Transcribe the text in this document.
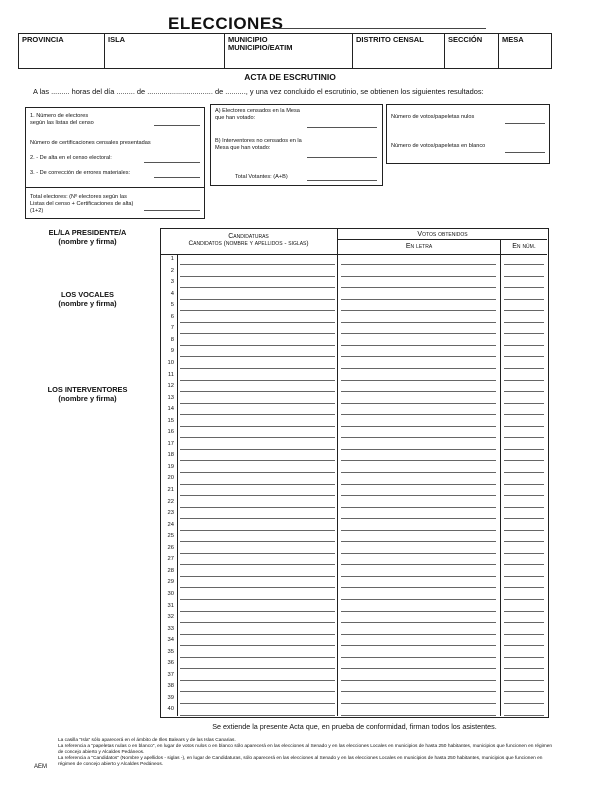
ELECCIONES
PROVINCIA	ISLA	MUNICIPIO
MUNICIPIO/EATIM
DISTRITO CENSAL	SECCIÓN	MESA
ACTA DE ESCRUTINIO
A las ......... horas del día ......... de ................................ de .........., y una vez concluido el escrutinio, se obtienen los siguientes resultados:
1. Número de electores
según las listas del censo
Número de certificaciones censales presentadas
2. - De alta en el censo electoral:
3. - De corrección de errores materiales:
Total electores: (Nº electores según las Listas del censo + Certificaciones de alta) (1+2)
A) Electores censados en la Mesa que han votado:
B) Interventores no censados en la Mesa que han votado:
Total Votantes: (A+B)
Número de votos/papeletas nulos
Número de votos/papeletas en blanco
EL/LA PRESIDENTE/A
(nombre y firma)
LOS VOCALES
(nombre y firma)
LOS INTERVENTORES
(nombre y firma)
Candidaturas
Candidatos (nombre y apellidos - siglas)
Votos obtenidos
En letra	En núm.
1
2
3
4
5
6
7
8
9
10
11
12
13
14
15
16
17
18
19
20
21
22
23
24
25
26
27
28
29
30
31
32
33
34
35
36
37
38
39
40
Se extiende la presente Acta que, en prueba de conformidad, firman todos los asistentes.
La casilla "Isla" sólo aparecerá en el ámbito de Illes Balears y de las Islas Canarias.
La referencia a "papeletas nulas o en blanco", en lugar de votos nulos o en blanco sólo aparecerá en las elecciones al Senado y en las elecciones Locales en municipios de hasta 250 habitantes, municipios que funcionen en régimen de concejo abierto y Alcaldes Pedáneos.
La referencia a "Candidatos" (Nombre y apellidos - siglas -), en lugar de Candidaturas, sólo aparecerá en las elecciones al Senado y en las elecciones Locales en municipios de hasta 250 habitantes, municipios que funcionen en régimen de concejo abierto y Alcaldes Pedáneos.
AEM
